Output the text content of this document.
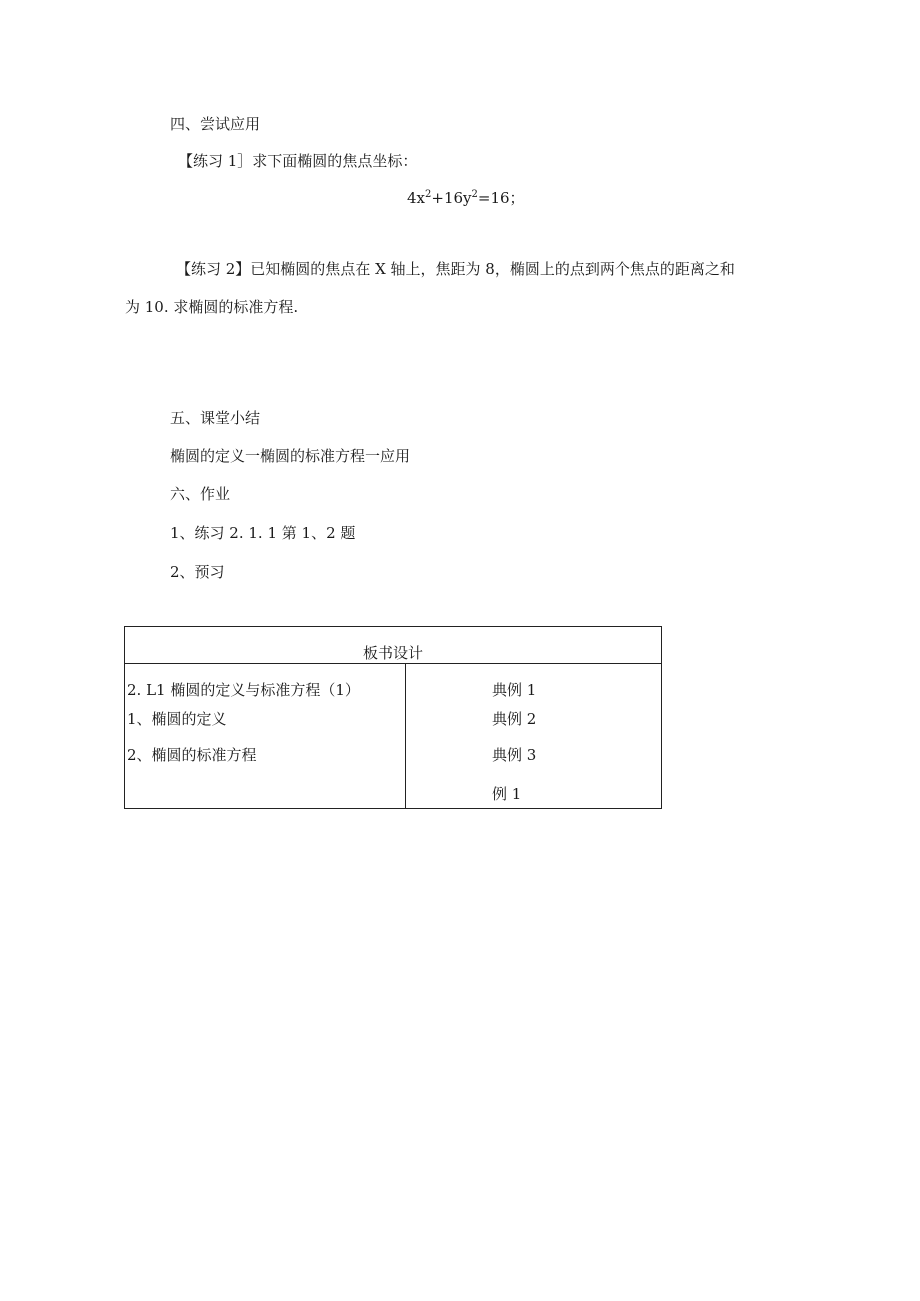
四、尝试应用
【练习 1］求下面椭圆的焦点坐标：
$4x^2+16y^2=16$；
【练习 2】已知椭圆的焦点在 X 轴上，焦距为 8，椭圆上的点到两个焦点的距离之和
为 10. 求椭圆的标准方程.
五、课堂小结
椭圆的定义一椭圆的标准方程一应用
六、作业
1、练习 2. 1. 1 第 1、2 题
2、预习
板书设计
2. L1 椭圆的定义与标准方程（1）
1、椭圆的定义
2、椭圆的标准方程
典例 1
典例 2
典例 3
例 1
